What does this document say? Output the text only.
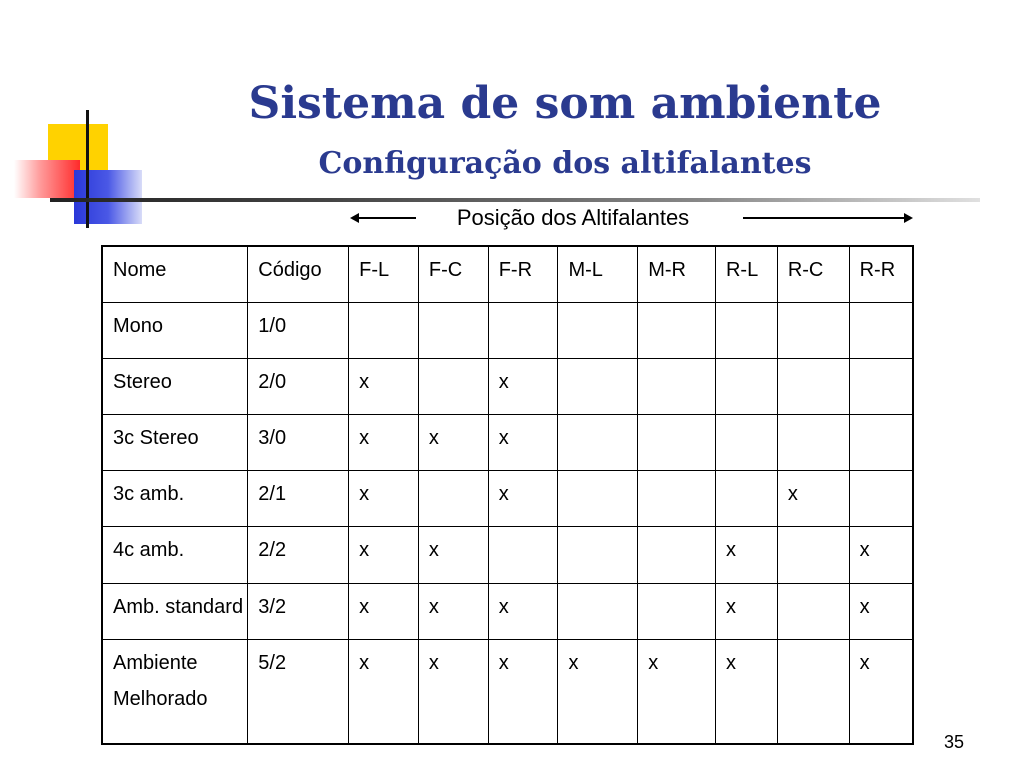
Sistema de som ambiente
Configuração dos altifalantes
Posição dos Altifalantes
Nome	Código	F-L	F-C	F-R	M-L	M-R	R-L	R-C	R-R
Mono	1/0								
Stereo	2/0	x		x					
3c Stereo	3/0	x	x	x					
3c amb.	2/1	x		x				x	
4c amb.	2/2	x	x				x		x
Amb. standard	3/2	x	x	x			x		x
Ambiente Melhorado	5/2	x	x	x	x	x	x		x
35
